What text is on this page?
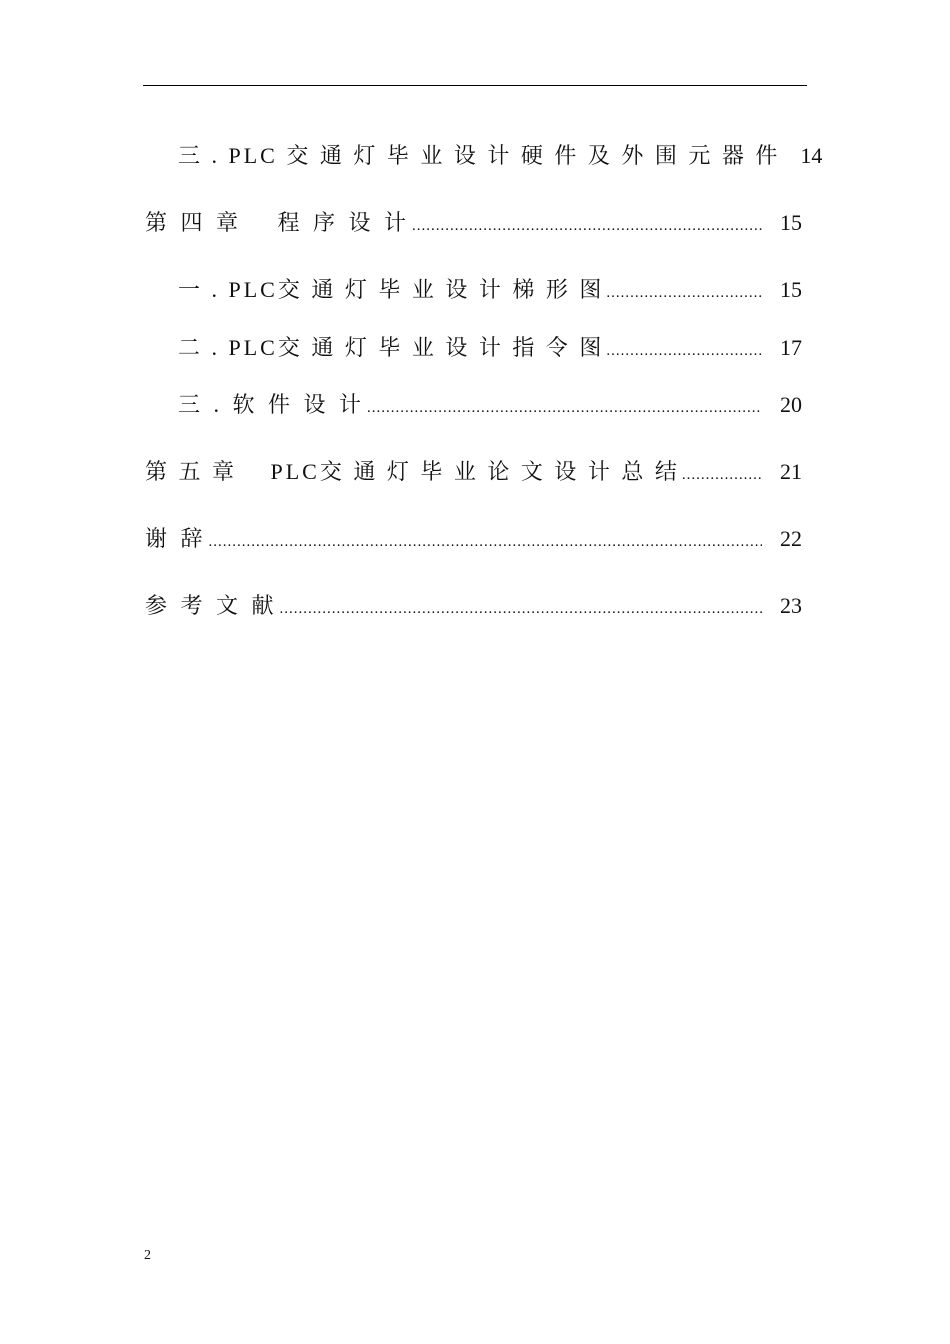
三 . PLC 交 通 灯 毕 业 设 计 硬 件 及 外 围 元 器 件 14
第 四 章　 程 序 设 计 .....	15
一 . PLC交 通 灯 毕 业 设 计 梯 形 图 .....	15
二 . PLC交 通 灯 毕 业 设 计 指 令 图 .....	17
三 . 软 件 设 计 .....	20
第 五 章　 PLC交 通 灯 毕 业 论 文 设 计 总 结 .....	21
谢 辞 .....	22
参 考 文 献 .....	23
2
